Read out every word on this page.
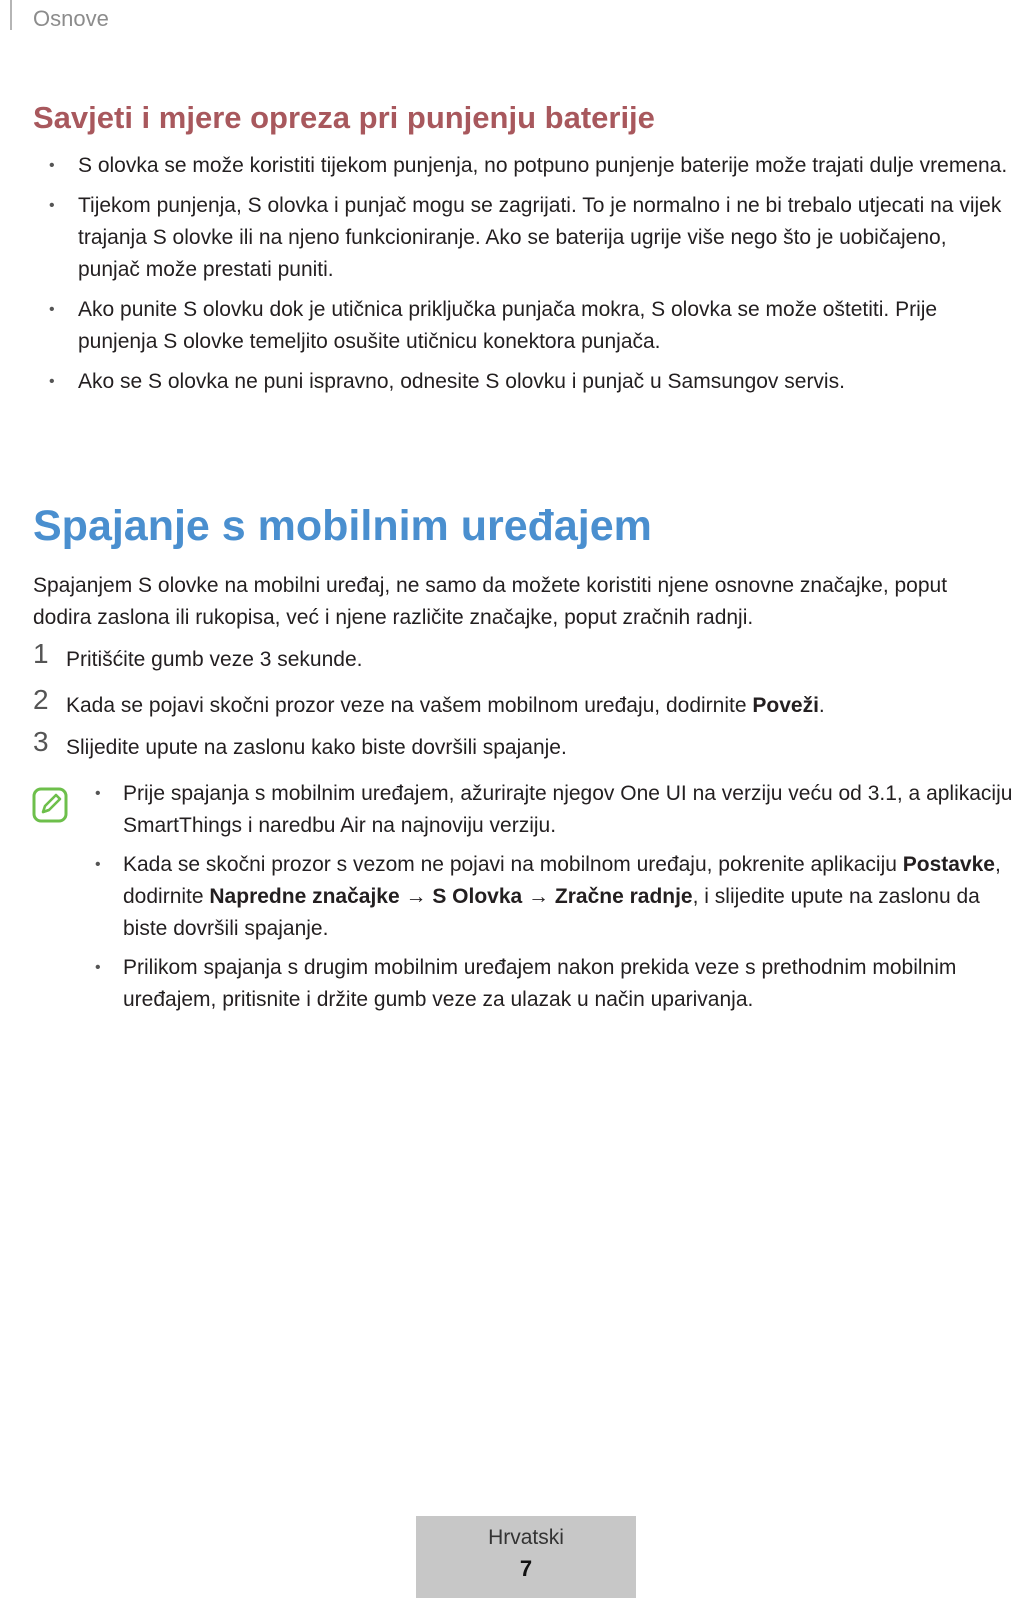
Osnove
Savjeti i mjere opreza pri punjenju baterije
• S olovka se može koristiti tijekom punjenja, no potpuno punjenje baterije može trajati dulje vremena.
• Tijekom punjenja, S olovka i punjač mogu se zagrijati. To je normalno i ne bi trebalo utjecati na vijek trajanja S olovke ili na njeno funkcioniranje. Ako se baterija ugrije više nego što je uobičajeno, punjač može prestati puniti.
• Ako punite S olovku dok je utičnica priključka punjača mokra, S olovka se može oštetiti. Prije punjenja S olovke temeljito osušite utičnicu konektora punjača.
• Ako se S olovka ne puni ispravno, odnesite S olovku i punjač u Samsungov servis.
Spajanje s mobilnim uređajem
Spajanjem S olovke na mobilni uređaj, ne samo da možete koristiti njene osnovne značajke, poput dodira zaslona ili rukopisa, već i njene različite značajke, poput zračnih radnji.
1 Pritišćite gumb veze 3 sekunde.
2 Kada se pojavi skočni prozor veze na vašem mobilnom uređaju, dodirnite Poveži.
3 Slijedite upute na zaslonu kako biste dovršili spajanje.
• Prije spajanja s mobilnim uređajem, ažurirajte njegov One UI na verziju veću od 3.1, a aplikaciju SmartThings i naredbu Air na najnoviju verziju.
• Kada se skočni prozor s vezom ne pojavi na mobilnom uređaju, pokrenite aplikaciju Postavke, dodirnite Napredne značajke → S Olovka → Zračne radnje, i slijedite upute na zaslonu da biste dovršili spajanje.
• Prilikom spajanja s drugim mobilnim uređajem nakon prekida veze s prethodnim mobilnim uređajem, pritisnite i držite gumb veze za ulazak u način uparivanja.
Hrvatski
7
